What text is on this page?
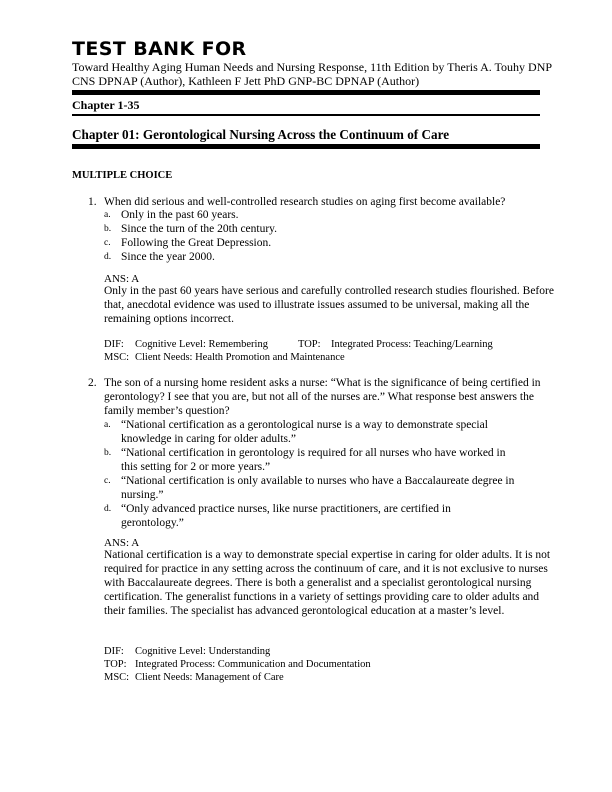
TEST BANK FOR
Toward Healthy Aging Human Needs and Nursing Response, 11th Edition by Theris A. Touhy DNP CNS DPNAP (Author), Kathleen F Jett PhD GNP-BC DPNAP (Author)
Chapter 1-35
Chapter 01: Gerontological Nursing Across the Continuum of Care
MULTIPLE CHOICE
1. When did serious and well-controlled research studies on aging first become available?
a. Only in the past 60 years.
b. Since the turn of the 20th century.
c. Following the Great Depression.
d. Since the year 2000.
ANS: A
Only in the past 60 years have serious and carefully controlled research studies flourished. Before that, anecdotal evidence was used to illustrate issues assumed to be universal, making all the remaining options incorrect.
DIF: Cognitive Level: Remembering	TOP: Integrated Process: Teaching/Learning
MSC: Client Needs: Health Promotion and Maintenance
2. The son of a nursing home resident asks a nurse: “What is the significance of being certified in gerontology? I see that you are, but not all of the nurses are.” What response best answers the family member’s question?
a. “National certification as a gerontological nurse is a way to demonstrate special knowledge in caring for older adults.”
b. “National certification in gerontology is required for all nurses who have worked in this setting for 2 or more years.”
c. “National certification is only available to nurses who have a Baccalaureate degree in nursing.”
d. “Only advanced practice nurses, like nurse practitioners, are certified in gerontology.”
ANS: A
National certification is a way to demonstrate special expertise in caring for older adults. It is not required for practice in any setting across the continuum of care, and it is not exclusive to nurses with Baccalaureate degrees. There is both a generalist and a specialist gerontological nursing certification. The generalist functions in a variety of settings providing care to older adults and their families. The specialist has advanced gerontological education at a master’s level.
DIF: Cognitive Level: Understanding
TOP: Integrated Process: Communication and Documentation
MSC: Client Needs: Management of Care
